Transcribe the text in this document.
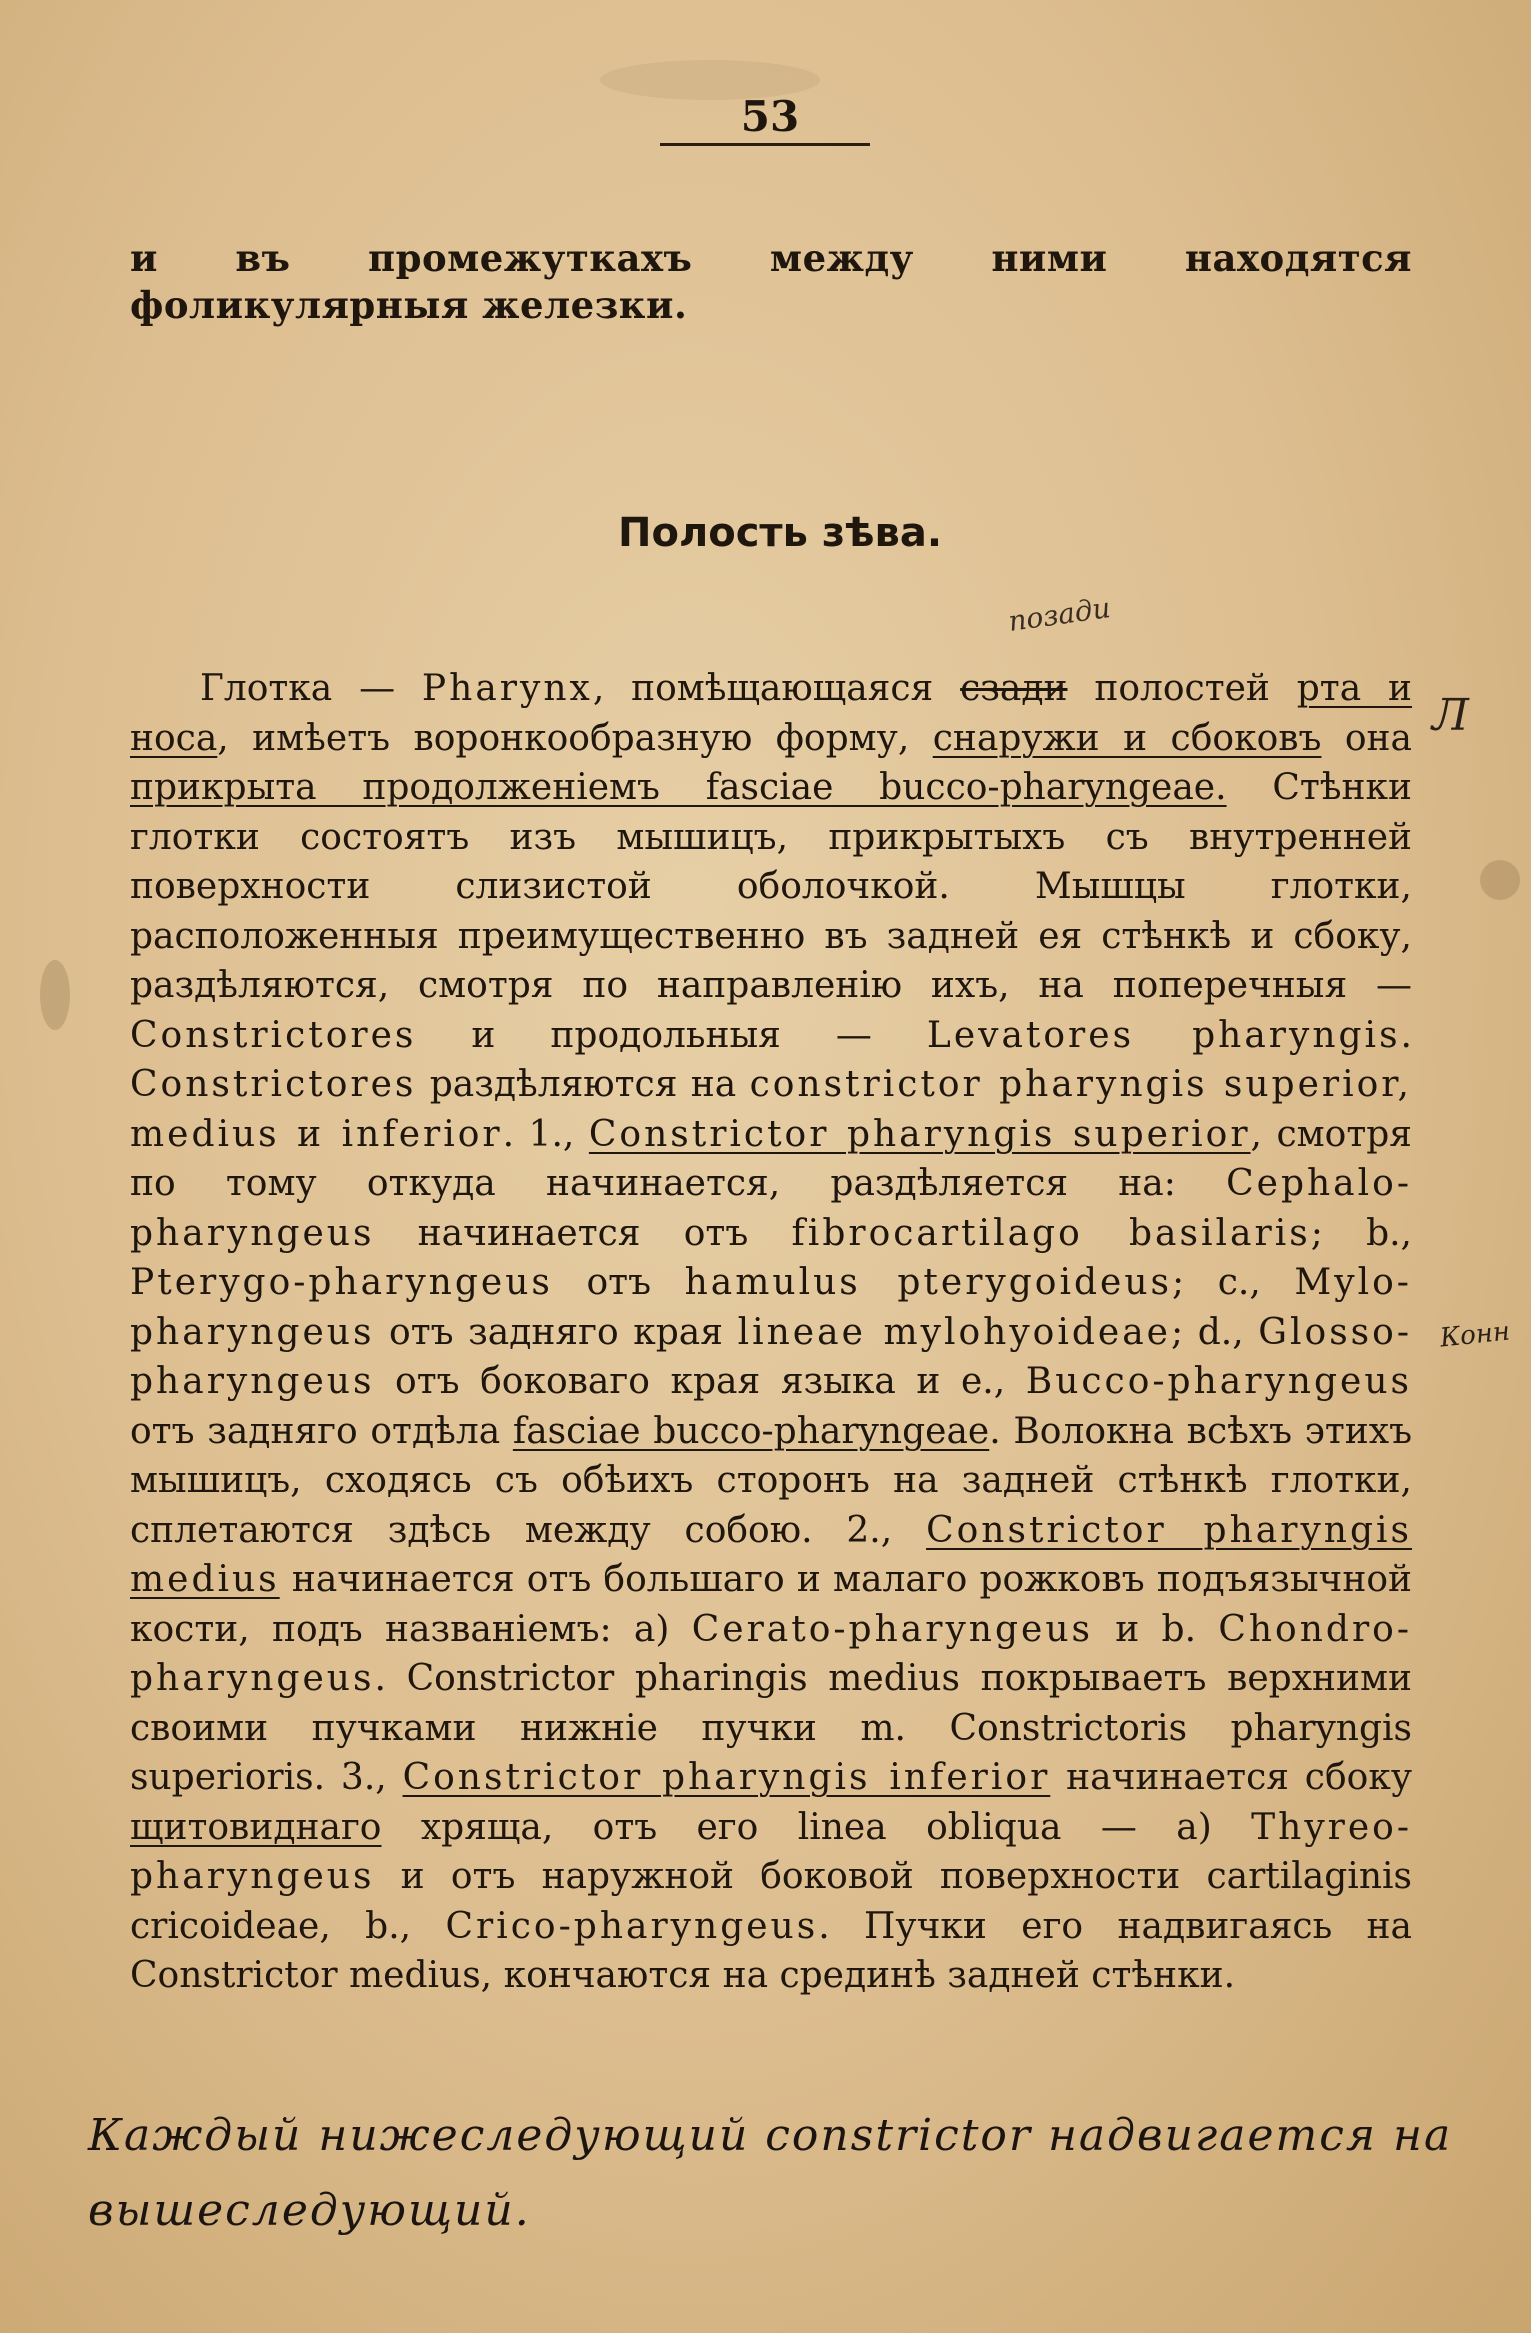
53

и въ промежуткахъ между ними находятся фоликулярныя железки.

Полость зѣва.
позади

Глотка — Pharynx, помѣщающаяся сзади полостей рта и носа, имѣетъ воронкообразную форму, снаружи и сбоковъ она прикрыта продолженіемъ fasciae bucco-pharyngeae. Стѣнки глотки состоятъ изъ мышицъ, прикрытыхъ съ внутренней поверхности слизистой оболочкой. Мышцы глотки, расположенныя преимущественно въ задней ея стѣнкѣ и сбоку, раздѣляются, смотря по направленію ихъ, на поперечныя — Constrictores и продольныя — Levatores pharyngis. Constrictores раздѣляются на constrictor pharyngis superior, medius и inferior. 1., Constrictor pharyngis superior, смотря по тому откуда начинается, раздѣляется на: Cephalo-pharyngeus начинается отъ fibrocartilago basilaris; b., Pterygo-pharyngeus отъ hamulus pterygoideus; c., Mylo-pharyngeus отъ задняго края lineae mylohyoideae; d., Glosso-pharyngeus отъ боковаго края языка и e., Bucco-pharyngeus отъ задняго отдѣла fasciae bucco-pharyngeae. Волокна всѣхъ этихъ мышицъ, сходясь съ обѣихъ сторонъ на задней стѣнкѣ глотки, сплетаются здѣсь между собою. 2., Constrictor pharyngis medius начинается отъ большаго и малаго рожковъ подъязычной кости, подъ названіемъ: a) Cerato-pharyngeus и b. Chondro-pharyngeus. Constrictor pharingis medius покрываетъ верхними своими пучками нижніе пучки m. Constrictoris pharyngis superioris. 3., Constrictor pharyngis inferior начинается сбоку щитовиднаго хряща, отъ его linea obliqua — a) Thyreo-pharyngeus и отъ наружной боковой поверхности cartilaginis cricoideae, b., Crico-pharyngeus. Пучки его надвигаясь на Constrictor medius, кончаются на срединѣ задней стѣнки.

Л
Конн
Каждый нижеследующий constrictor надвигается на
вышеследующий.
